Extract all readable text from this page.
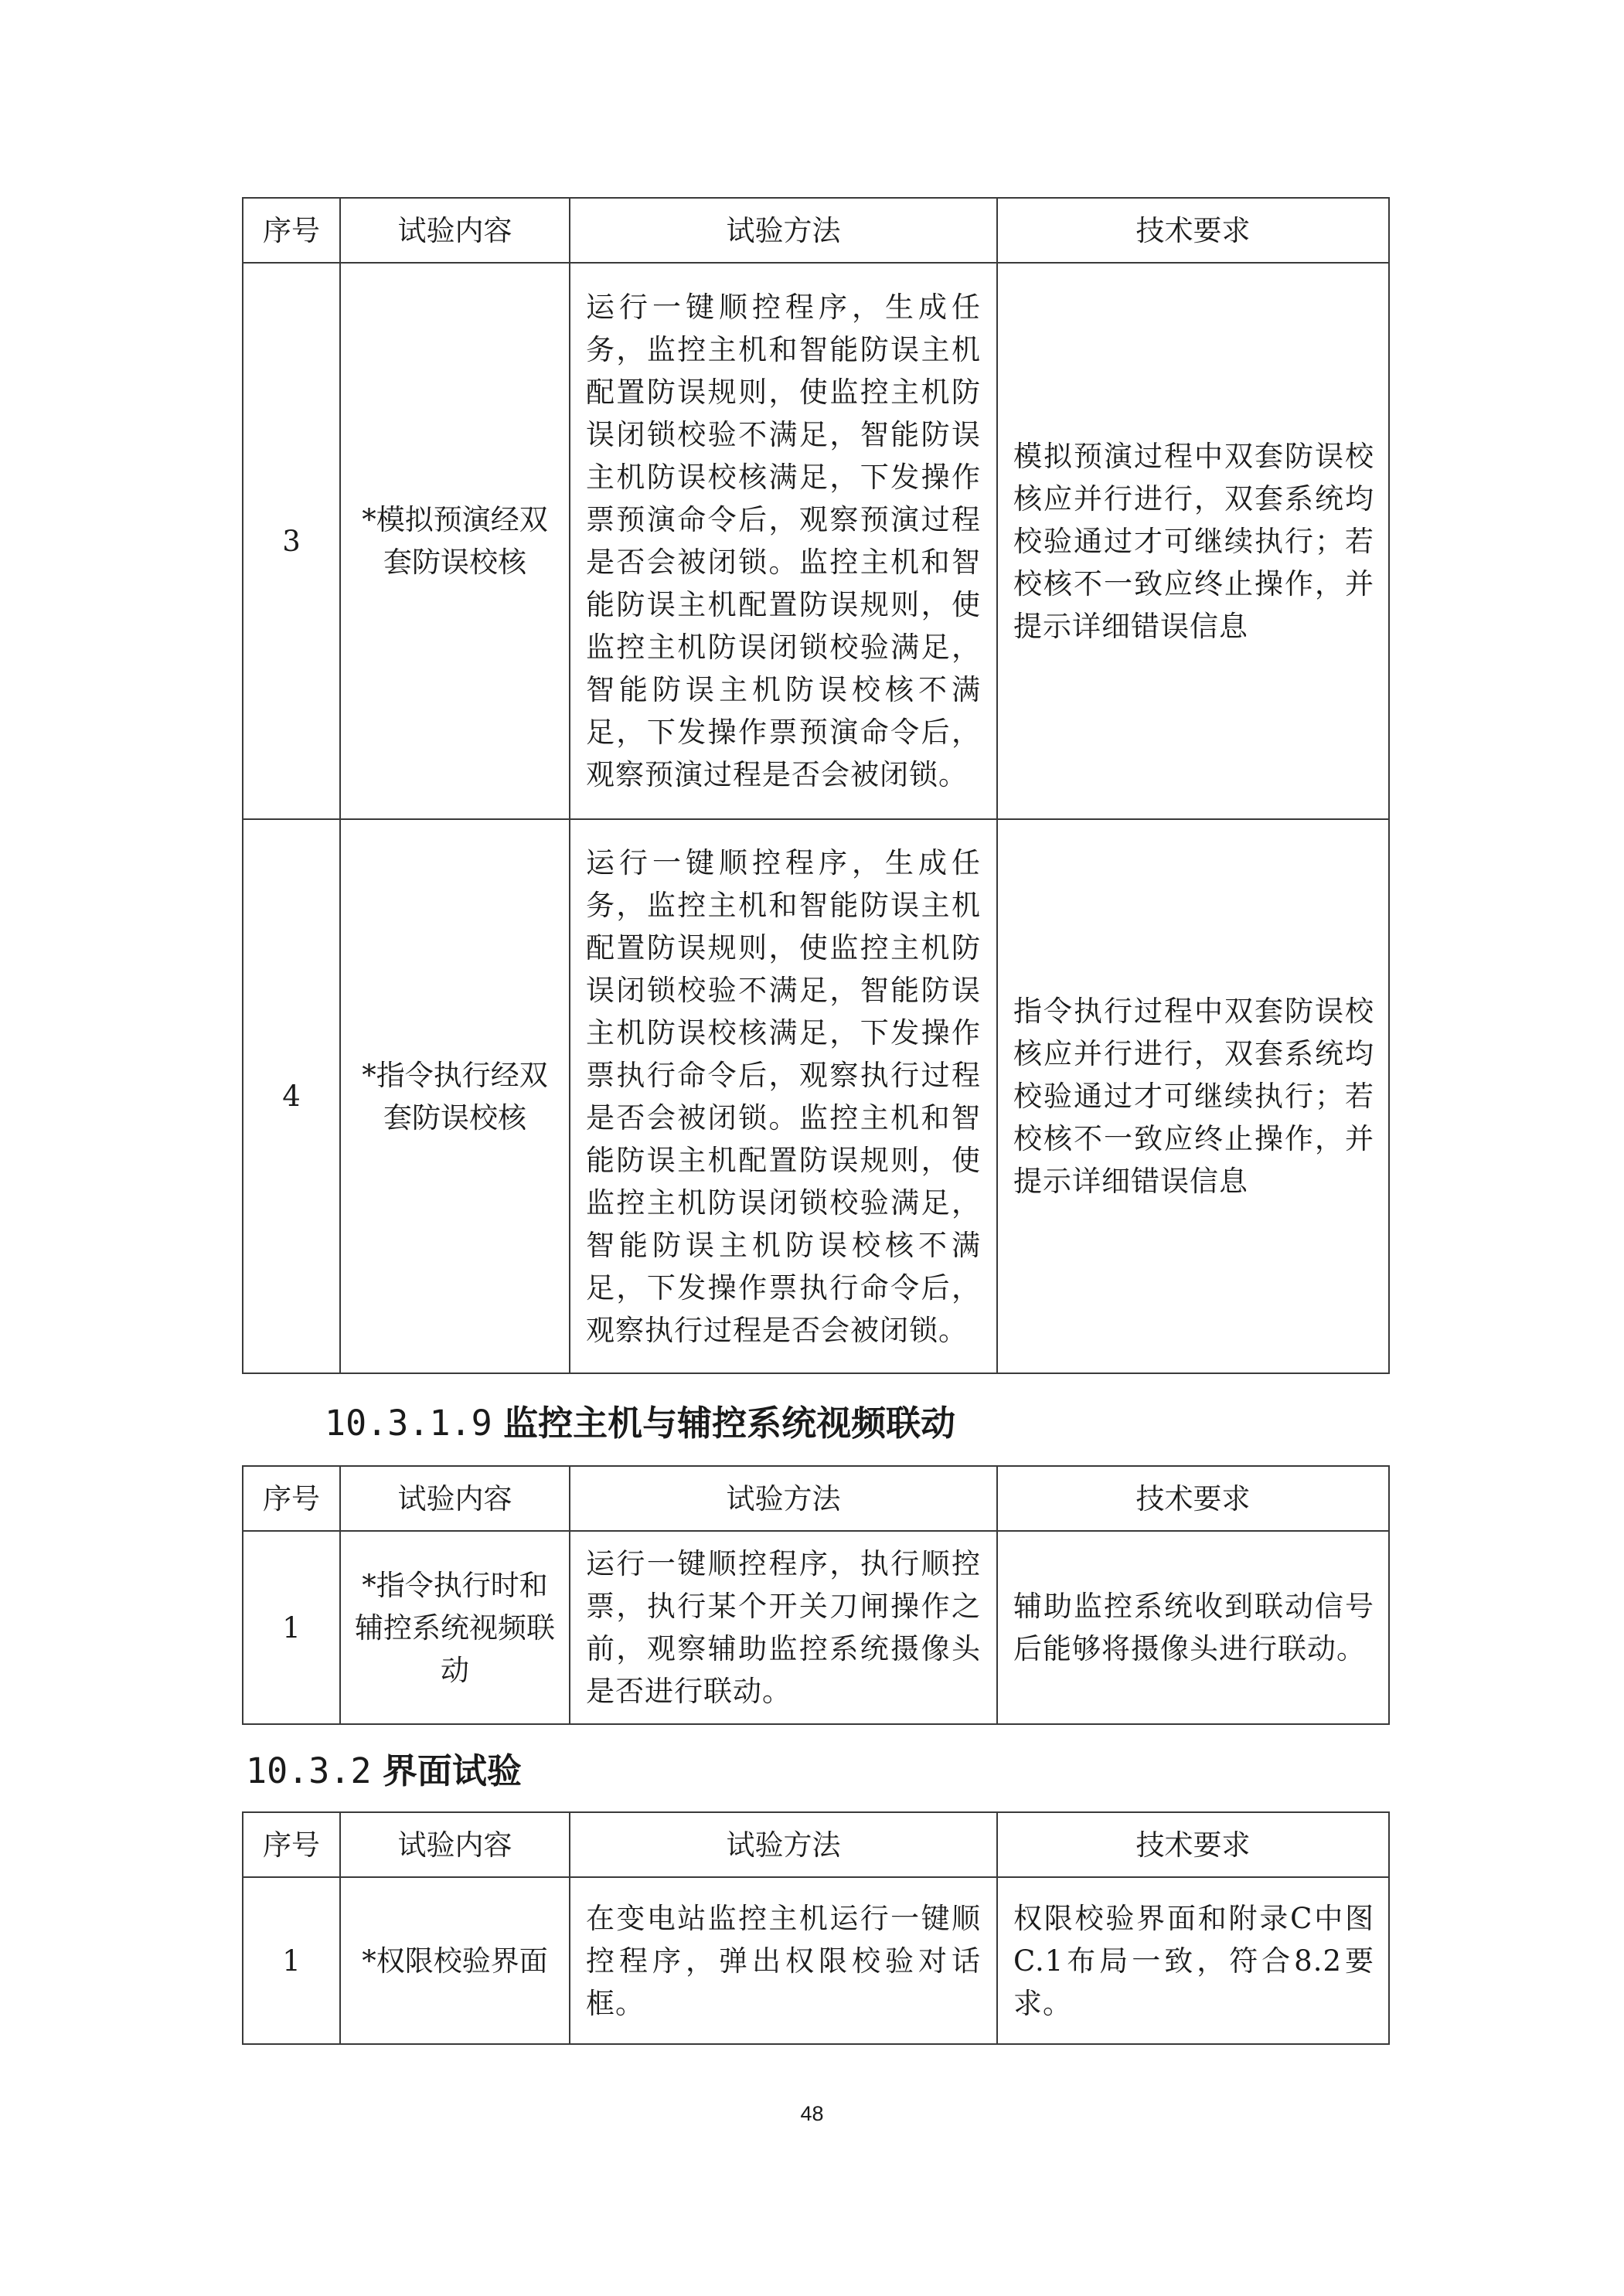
序号	试验内容	试验方法	技术要求
3	*模拟预演经双套防误校核	运行一键顺控程序，生成任务，监控主机和智能防误主机配置防误规则，使监控主机防误闭锁校验不满足，智能防误主机防误校核满足，下发操作票预演命令后，观察预演过程是否会被闭锁。监控主机和智能防误主机配置防误规则，使监控主机防误闭锁校验满足，智能防误主机防误校核不满足，下发操作票预演命令后，观察预演过程是否会被闭锁。	模拟预演过程中双套防误校核应并行进行，双套系统均校验通过才可继续执行；若校核不一致应终止操作，并提示详细错误信息
4	*指令执行经双套防误校核	运行一键顺控程序，生成任务，监控主机和智能防误主机配置防误规则，使监控主机防误闭锁校验不满足，智能防误主机防误校核满足，下发操作票执行命令后，观察执行过程是否会被闭锁。监控主机和智能防误主机配置防误规则，使监控主机防误闭锁校验满足，智能防误主机防误校核不满足，下发操作票执行命令后，观察执行过程是否会被闭锁。	指令执行过程中双套防误校核应并行进行，双套系统均校验通过才可继续执行；若校核不一致应终止操作，并提示详细错误信息
10.3.1.9 监控主机与辅控系统视频联动
序号	试验内容	试验方法	技术要求
1	*指令执行时和辅控系统视频联动	运行一键顺控程序，执行顺控票，执行某个开关刀闸操作之前，观察辅助监控系统摄像头是否进行联动。	辅助监控系统收到联动信号后能够将摄像头进行联动。
10.3.2 界面试验
序号	试验内容	试验方法	技术要求
1	*权限校验界面	在变电站监控主机运行一键顺控程序，弹出权限校验对话框。	权限校验界面和附录C中图C.1布局一致，符合8.2要求。
48
